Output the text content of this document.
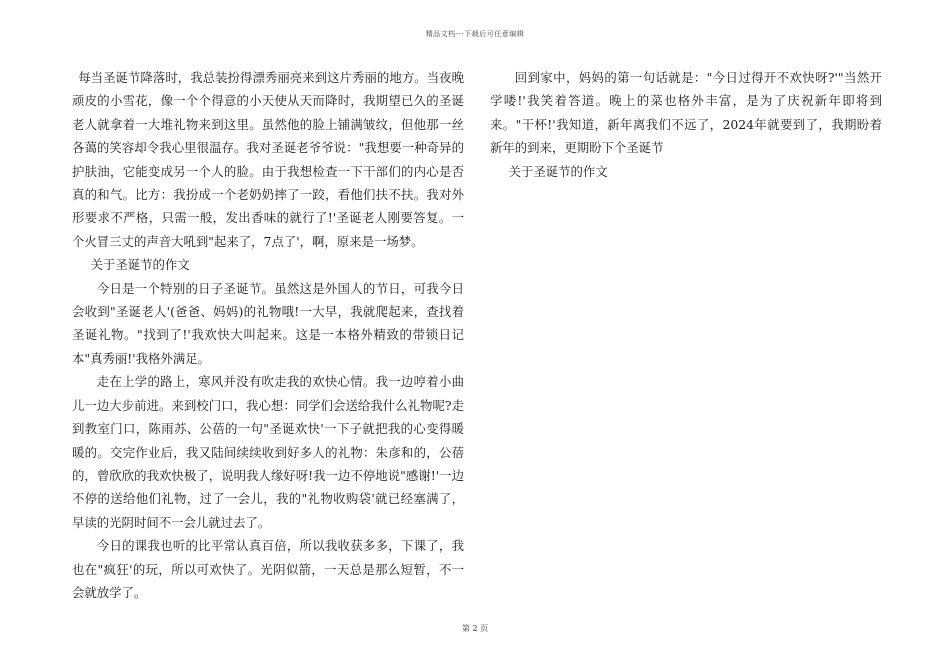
精品文档---下载后可任意编辑

每当圣诞节降落时，我总装扮得漂秀丽亮来到这片秀丽的地方。当夜晚顽皮的小雪花，像一个个得意的小天使从天而降时，我期望已久的圣诞老人就拿着一大堆礼物来到这里。虽然他的脸上铺满皱纹，但他那一丝各蔼的笑容却令我心里很温存。我对圣诞老爷爷说："我想要一种奇异的护肤油，它能变成另一个人的脸。由于我想检查一下干部们的内心是否真的和气。比方：我扮成一个老奶奶摔了一跤，看他们扶不扶。我对外形要求不严格，只需一般，发出香味的就行了!'圣诞老人刚要答复。一个火冒三丈的声音大吼到"起来了，7点了'，啊，原来是一场梦。

关于圣诞节的作文

今日是一个特别的日子圣诞节。虽然这是外国人的节日，可我今日会收到"圣诞老人'(爸爸、妈妈)的礼物哦!一大早，我就爬起来，查找着圣诞礼物。"找到了!'我欢快大叫起来。这是一本格外精致的带锁日记本"真秀丽!'我格外满足。

走在上学的路上，寒风并没有吹走我的欢快心情。我一边哼着小曲儿一边大步前进。来到校门口，我心想：同学们会送给我什么礼物呢?走到教室门口，陈雨苏、公蓓的一句"圣诞欢快'一下子就把我的心变得暖暖的。交完作业后，我又陆间续续收到好多人的礼物：朱彦和的，公蓓的，曾欣欣的我欢快极了，说明我人缘好呀!我一边不停地说"感谢!'一边不停的送给他们礼物，过了一会儿，我的"礼物收购袋'就已经塞满了，早读的光阴时间不一会儿就过去了。

今日的课我也听的比平常认真百倍，所以我收获多多，下课了，我也在"疯狂'的玩，所以可欢快了。光阴似箭，一天总是那么短暂，不一会就放学了。

回到家中，妈妈的第一句话就是："今日过得开不欢快呀?'"当然开学喽!'我笑着答道。晚上的菜也格外丰富，是为了庆祝新年即将到来。"干杯!'我知道，新年离我们不远了，2024年就要到了，我期盼着新年的到来，更期盼下个圣诞节

关于圣诞节的作文

第 2 页
